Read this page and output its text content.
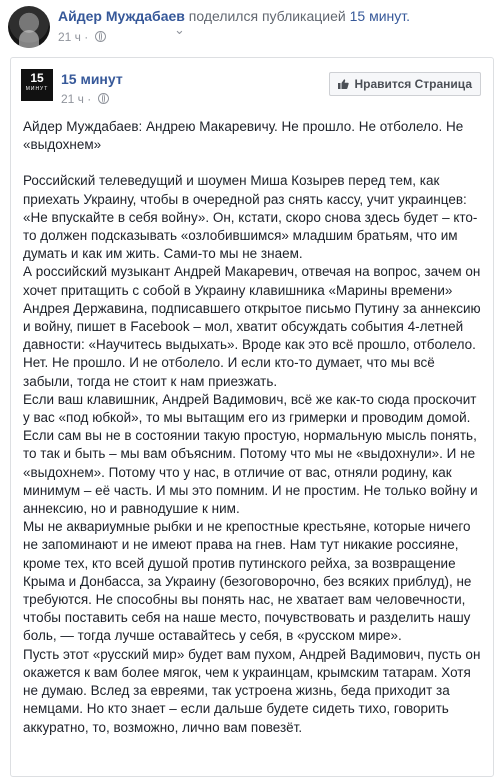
Айдер Муждабаев поделился публикацией 15 минут.
21 ч ·	⌄
15
МИНУТ
15 минут
21 ч ·
Нравится Страница

Айдер Муждабаев: Андрею Макаревичу. Не прошло. Не отболело. Не «выдохнем»

Российский телеведущий и шоумен Миша Козырев перед тем, как приехать Украину, чтобы в очередной раз снять кассу, учит украинцев: «Не впускайте в себя войну». Он, кстати, скоро снова здесь будет – кто-то должен подсказывать «озлобившимся» младшим братьям, что им думать и как им жить. Сами-то мы не знаем.

А российский музыкант Андрей Макаревич, отвечая на вопрос, зачем он хочет притащить с собой в Украину клавишника «Марины времени» Андрея Державина, подписавшего открытое письмо Путину за аннексию и войну, пишет в Facebook – мол, хватит обсуждать события 4-летней давности: «Научитесь выдыхать». Вроде как это всё прошло, отболело. Нет. Не прошло. И не отболело. И если кто-то думает, что мы всё забыли, тогда не стоит к нам приезжать.

Если ваш клавишник, Андрей Вадимович, всё же как-то сюда проскочит у вас «под юбкой», то мы вытащим его из гримерки и проводим домой. Если сам вы не в состоянии такую простую, нормальную мысль понять, то так и быть – мы вам объясним. Потому что мы не «выдохнули». И не «выдохнем». Потому что у нас, в отличие от вас, отняли родину, как минимум – её часть. И мы это помним. И не простим. Не только войну и аннексию, но и равнодушие к ним.

Мы не аквариумные рыбки и не крепостные крестьяне, которые ничего не запоминают и не имеют права на гнев. Нам тут никакие россияне, кроме тех, кто всей душой против путинского рейха, за возвращение Крыма и Донбасса, за Украину (безоговорочно, без всяких приблуд), не требуются. Не способны вы понять нас, не хватает вам человечности, чтобы поставить себя на наше место, почувствовать и разделить нашу боль, — тогда лучше оставайтесь у себя, в «русском мире».

Пусть этот «русский мир» будет вам пухом, Андрей Вадимович, пусть он окажется к вам более мягок, чем к украинцам, крымским татарам. Хотя не думаю. Вслед за евреями, так устроена жизнь, беда приходит за немцами. Но кто знает – если дальше будете сидеть тихо, говорить аккуратно, то, возможно, лично вам повезёт.
